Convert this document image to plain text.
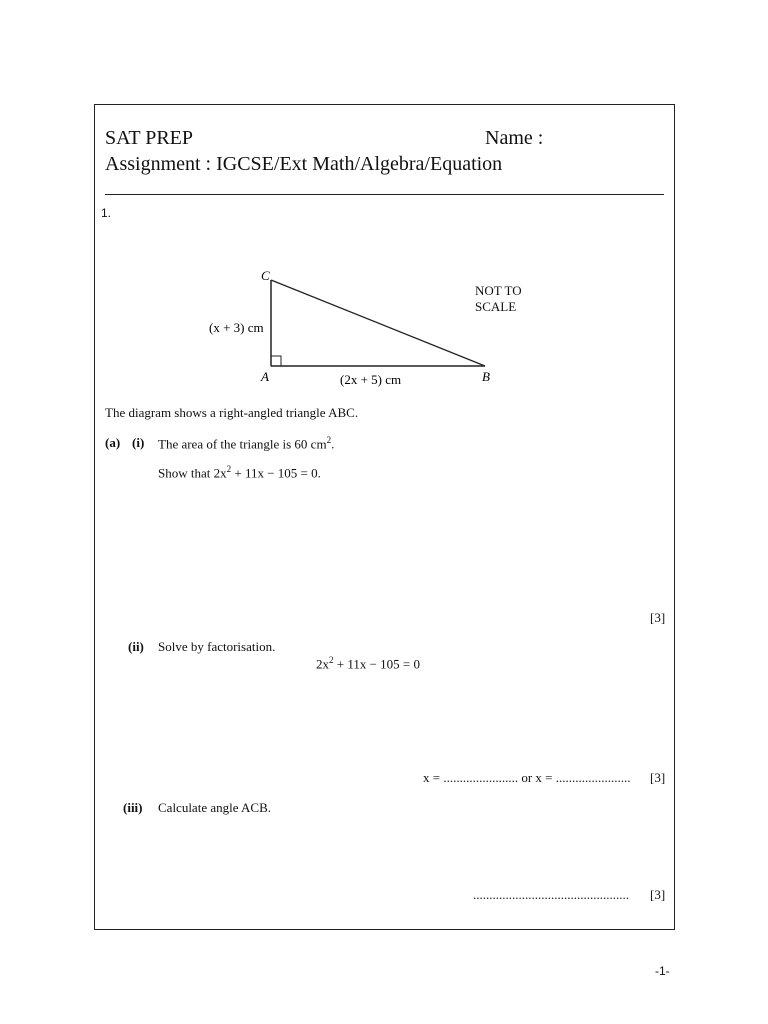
SAT PREP	Name :
Assignment : IGCSE/Ext Math/Algebra/Equation
1.
C
A	B
(x + 3) cm
(2x + 5) cm
NOT TO SCALE
The diagram shows a right-angled triangle ABC.
(a) (i) The area of the triangle is 60 $cm^2$.
Show that $2x^2 + 11x - 105 = 0$.
[3]
(ii) Solve by factorisation.
$2x^2 + 11x - 105 = 0$
x = ....................... or x = ....................... [3]
(iii) Calculate angle ACB.
................................................ [3]
-1-
